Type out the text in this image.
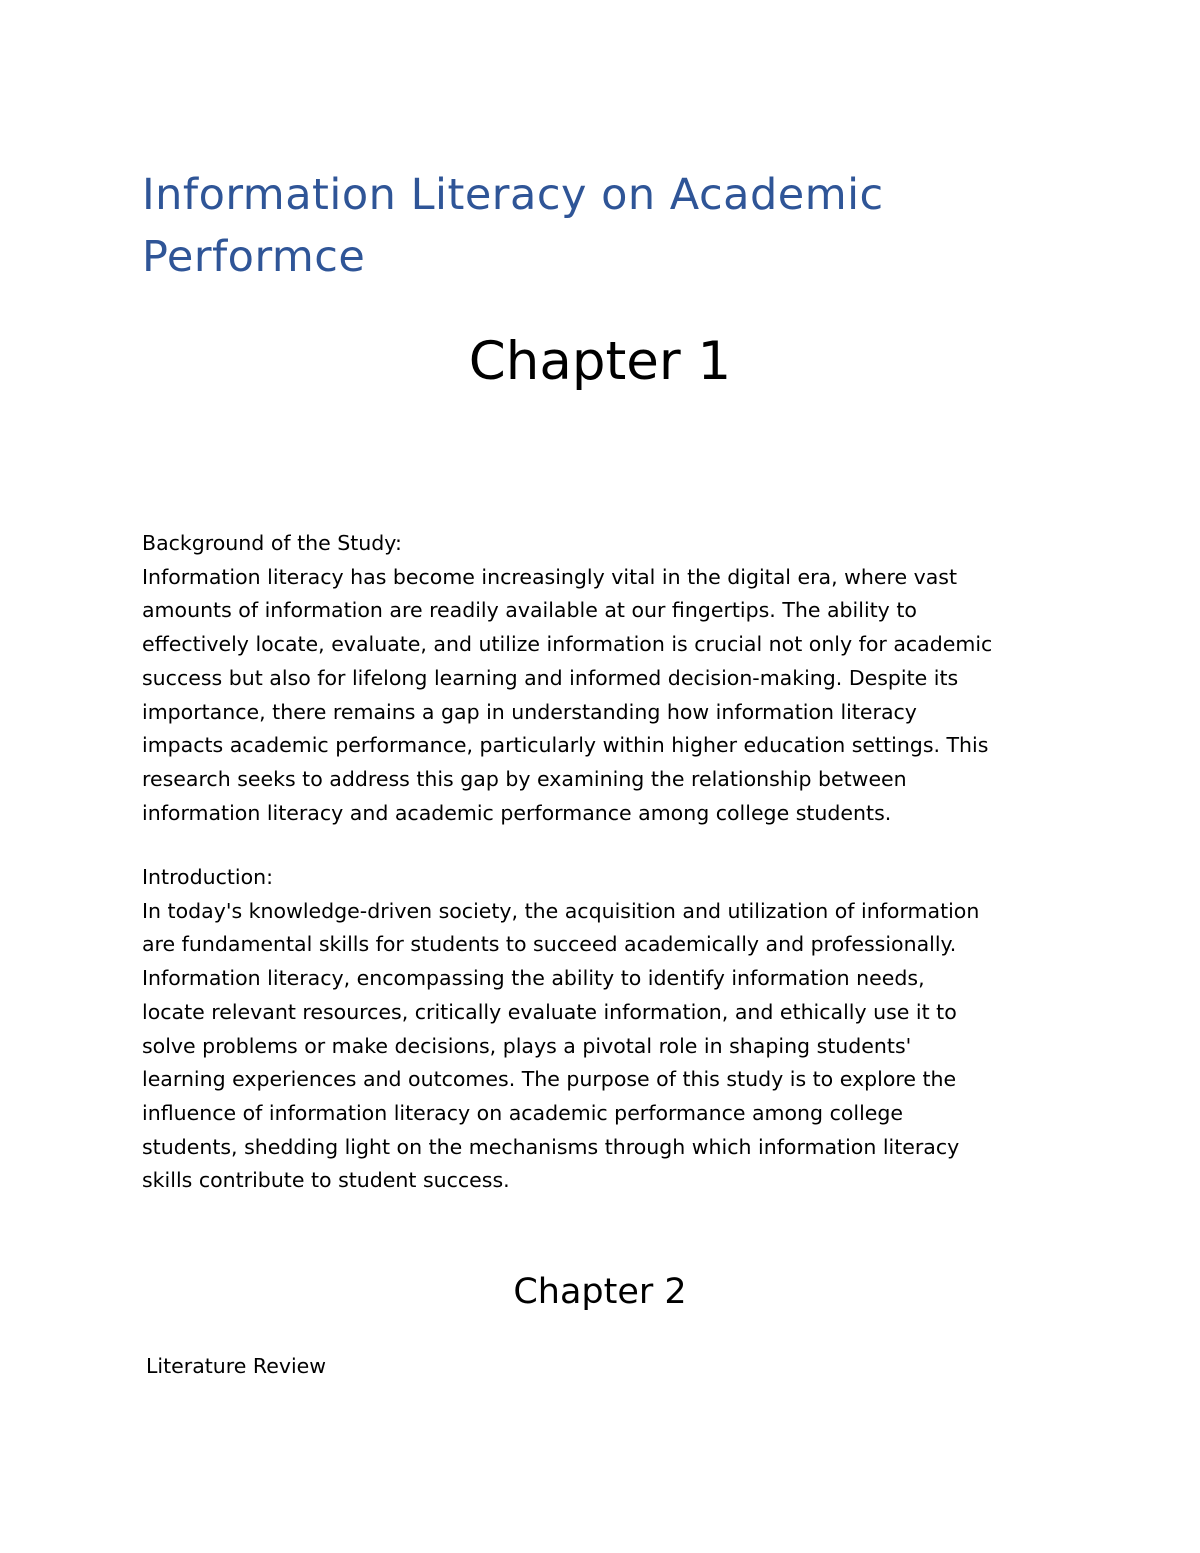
Information Literacy on Academic
Performce
Chapter 1
Background of the Study:

Information literacy has become increasingly vital in the digital era, where vast
amounts of information are readily available at our fingertips. The ability to
effectively locate, evaluate, and utilize information is crucial not only for academic
success but also for lifelong learning and informed decision-making. Despite its
importance, there remains a gap in understanding how information literacy
impacts academic performance, particularly within higher education settings. This
research seeks to address this gap by examining the relationship between
information literacy and academic performance among college students.

Introduction:

In today's knowledge-driven society, the acquisition and utilization of information
are fundamental skills for students to succeed academically and professionally.
Information literacy, encompassing the ability to identify information needs,
locate relevant resources, critically evaluate information, and ethically use it to
solve problems or make decisions, plays a pivotal role in shaping students'
learning experiences and outcomes. The purpose of this study is to explore the
influence of information literacy on academic performance among college
students, shedding light on the mechanisms through which information literacy
skills contribute to student success.

Chapter 2

Literature Review
